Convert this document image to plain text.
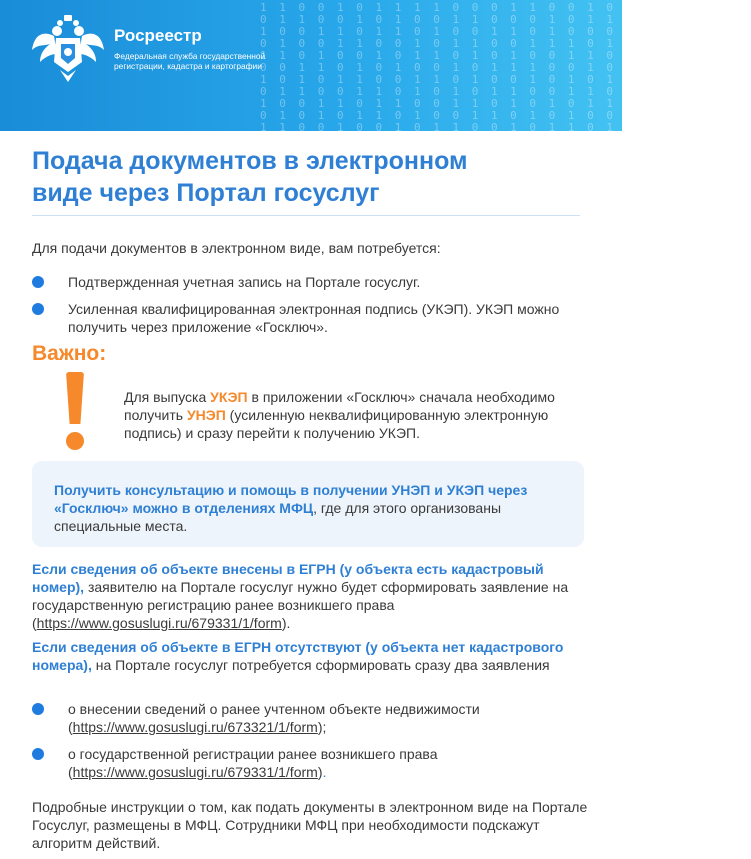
1 1 0 0 1 0 1 1 1 1 0 0 0 1 1 0 0 1 0 0 1 1 1 0 0 1
0 1 1 0 0 1 0 1 0 0 1 1 0 0 0 1 0 1 1 1 0 0 1 0 1 1
1 0 0 1 1 0 1 1 0 1 0 0 1 1 0 1 0 0 0 1 1 1 0 1 0 0
0 1 0 0 1 1 0 0 1 0 1 1 0 0 1 1 1 0 1 0 0 1 1 0 1 1
1 1 0 1 0 0 1 0 1 1 0 1 0 1 0 0 1 1 0 0 1 0 1 1 1 0
0 0 1 1 0 1 0 1 0 0 1 0 1 1 1 0 0 1 0 1 1 0 0 1 0 1
1 0 1 0 1 1 0 0 1 1 0 1 0 0 1 0 1 0 1 1 0 0 1 0 1 1
0 1 1 0 0 1 1 0 1 0 1 0 1 1 0 0 1 1 0 1 0 1 0 0 1 0
1 0 0 1 1 0 1 1 0 0 1 1 0 1 0 1 0 1 1 0 0 1 1 0 0 1
0 1 0 1 0 1 1 0 1 0 0 1 1 0 1 0 1 0 0 1 1 0 1 0 1 0
1 1 0 0 1 0 0 1 0 1 1 0 0 1 0 1 1 0 1 0 0 1 0 1 1 0
Росреестр
Федеральная служба государственной регистрации, кадастра и картографии
Подача документов в электронном
виде через Портал госуслуг
Для подачи документов в электронном виде, вам потребуется:
Подтвержденная учетная запись на Портале госуслуг.
Усиленная квалифицированная электронная подпись (УКЭП). УКЭП можно получить через приложение «Госключ».
Важно:
Для выпуска УКЭП в приложении «Госключ» сначала необходимо получить УНЭП (усиленную неквалифицированную электронную подпись) и сразу перейти к получению УКЭП.
Получить консультацию и помощь в получении УНЭП и УКЭП через «Госключ» можно в отделениях МФЦ, где для этого организованы специальные места.
Если сведения об объекте внесены в ЕГРН (у объекта есть кадастровый номер), заявителю на Портале госуслуг нужно будет сформировать заявление на государственную регистрацию ранее возникшего права (https://www.gosuslugi.ru/679331/1/form).
Если сведения об объекте в ЕГРН отсутствуют (у объекта нет кадастрового номера), на Портале госуслуг потребуется сформировать сразу два заявления
о внесении сведений о ранее учтенном объекте недвижимости (https://www.gosuslugi.ru/673321/1/form);
о государственной регистрации ранее возникшего права (https://www.gosuslugi.ru/679331/1/form).
Подробные инструкции о том, как подать документы в электронном виде на Портале Госуслуг, размещены в МФЦ. Сотрудники МФЦ при необходимости подскажут алгоритм действий.
